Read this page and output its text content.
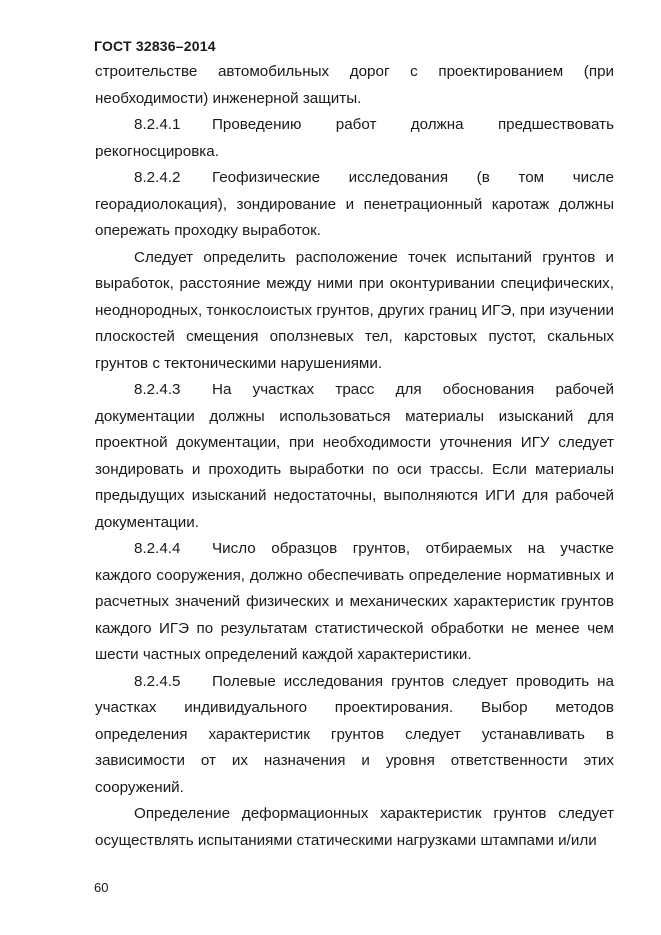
ГОСТ 32836–2014

строительстве автомобильных дорог с проектированием (при необходимости) инженерной защиты.

8.2.4.1 Проведению работ должна предшествовать рекогносцировка.

8.2.4.2 Геофизические исследования (в том числе георадиолокация), зондирование и пенетрационный каротаж должны опережать проходку выработок.

Следует определить расположение точек испытаний грунтов и выработок, расстояние между ними при оконтуривании специфических, неоднородных, тонкослоистых грунтов, других границ ИГЭ, при изучении плоскостей смещения оползневых тел, карстовых пустот, скальных грунтов с тектоническими нарушениями.

8.2.4.3 На участках трасс для обоснования рабочей документации должны использоваться материалы изысканий для проектной документации, при необходимости уточнения ИГУ следует зондировать и проходить выработки по оси трассы. Если материалы предыдущих изысканий недостаточны, выполняются ИГИ для рабочей документации.

8.2.4.4 Число образцов грунтов, отбираемых на участке каждого сооружения, должно обеспечивать определение нормативных и расчетных значений физических и механических характеристик грунтов каждого ИГЭ по результатам статистической обработки не менее чем шести частных определений каждой характеристики.

8.2.4.5 Полевые исследования грунтов следует проводить на участках индивидуального проектирования. Выбор методов определения характеристик грунтов следует устанавливать в зависимости от их назначения и уровня ответственности этих сооружений.

Определение деформационных характеристик грунтов следует осуществлять испытаниями статическими нагрузками штампами и/или

60
